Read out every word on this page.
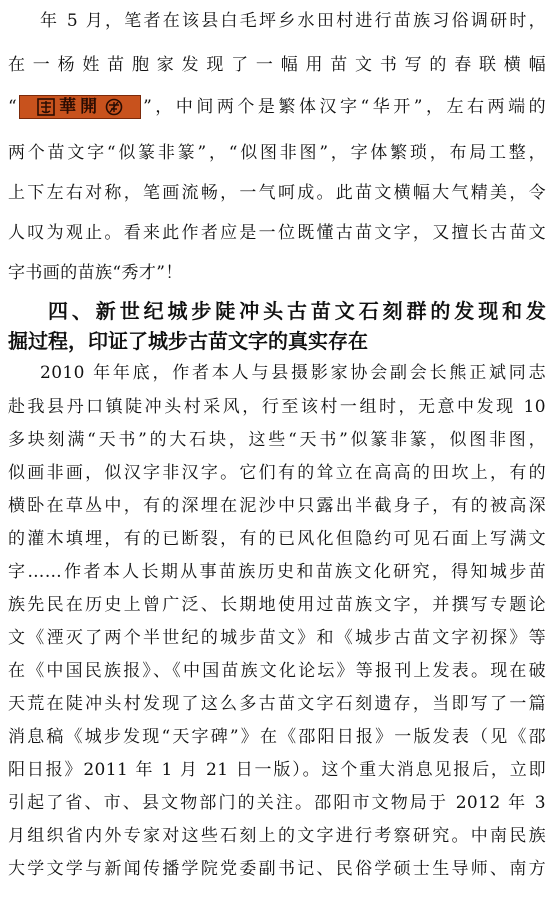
年 5 月，笔者在该县白毛坪乡水田村进行苗族习俗调研时，
在一杨姓苗胞家发现了一幅用苗文书写的春联横幅
“ 華開 ”，中间两个是繁体汉字“华开”，左右两端的
两个苗文字“似篆非篆”，“似图非图”，字体繁琐，布局工整，
上下左右对称，笔画流畅，一气呵成。此苗文横幅大气精美，令
人叹为观止。看来此作者应是一位既懂古苗文字，又擅长古苗文
字书画的苗族“秀才”！
四、新世纪城步陡冲头古苗文石刻群的发现和发
掘过程，印证了城步古苗文字的真实存在
2010 年年底，作者本人与县摄影家协会副会长熊正斌同志
赴我县丹口镇陡冲头村采风，行至该村一组时，无意中发现 10
多块刻满“天书”的大石块，这些“天书”似篆非篆，似图非图，
似画非画，似汉字非汉字。它们有的耸立在高高的田坎上，有的
横卧在草丛中，有的深埋在泥沙中只露出半截身子，有的被高深
的灌木填埋，有的已断裂，有的已风化但隐约可见石面上写满文
字……作者本人长期从事苗族历史和苗族文化研究，得知城步苗
族先民在历史上曾广泛、长期地使用过苗族文字，并撰写专题论
文《湮灭了两个半世纪的城步苗文》和《城步古苗文字初探》等
在《中国民族报》、《中国苗族文化论坛》等报刊上发表。现在破
天荒在陡冲头村发现了这么多古苗文字石刻遗存，当即写了一篇
消息稿《城步发现“天字碑”》在《邵阳日报》一版发表（见《邵
阳日报》2011 年 1 月 21 日一版）。这个重大消息见报后，立即
引起了省、市、县文物部门的关注。邵阳市文物局于 2012 年 3
月组织省内外专家对这些石刻上的文字进行考察研究。中南民族
大学文学与新闻传播学院党委副书记、民俗学硕士生导师、南方
